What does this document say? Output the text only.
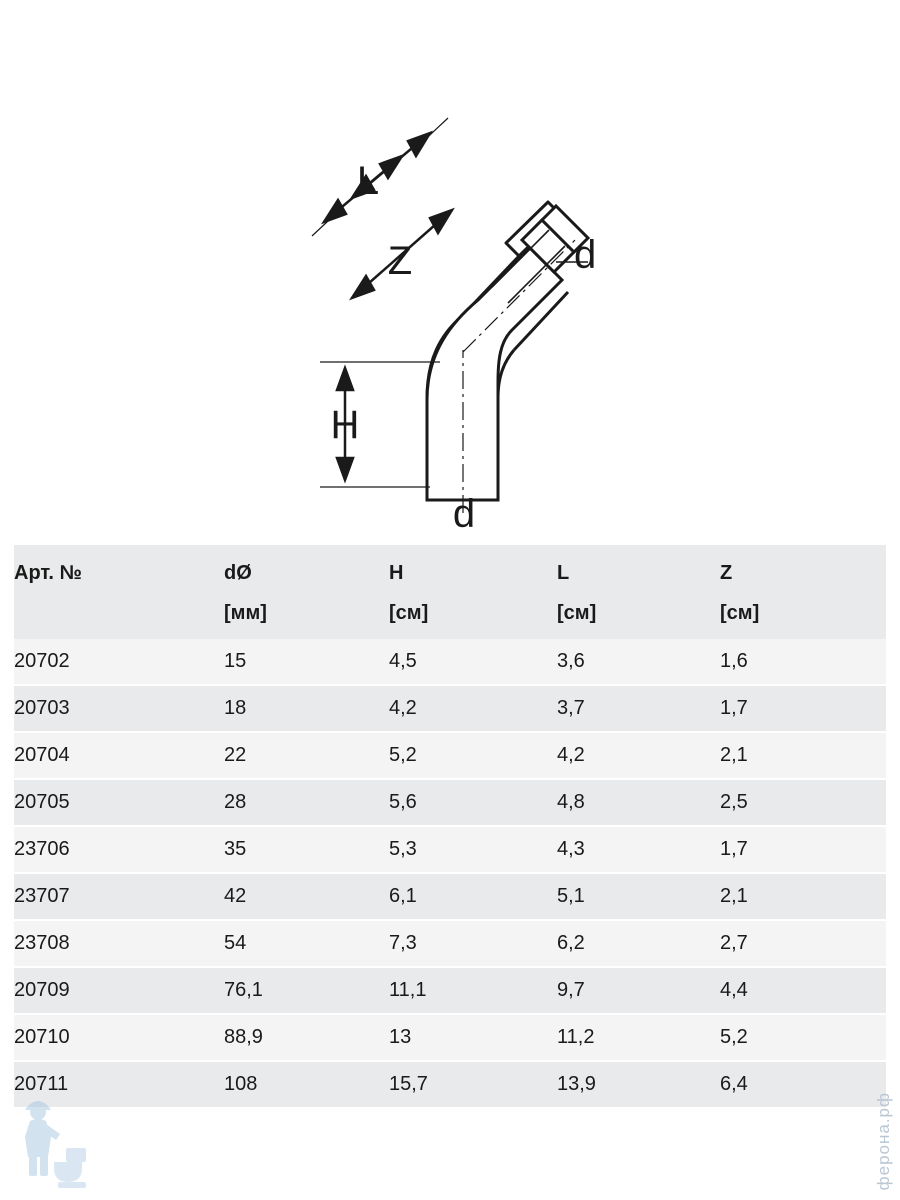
L
Z	d
H
d
Арт. №	dØ	H	L	Z
	[мм]	[см]	[см]	[см]
20702	15	4,5	3,6	1,6
20703	18	4,2	3,7	1,7
20704	22	5,2	4,2	2,1
20705	28	5,6	4,8	2,5
23706	35	5,3	4,3	1,7
23707	42	6,1	5,1	2,1
23708	54	7,3	6,2	2,7
20709	76,1	11,1	9,7	4,4
20710	88,9	13	11,2	5,2
20711	108	15,7	13,9	6,4
ферона.рф
